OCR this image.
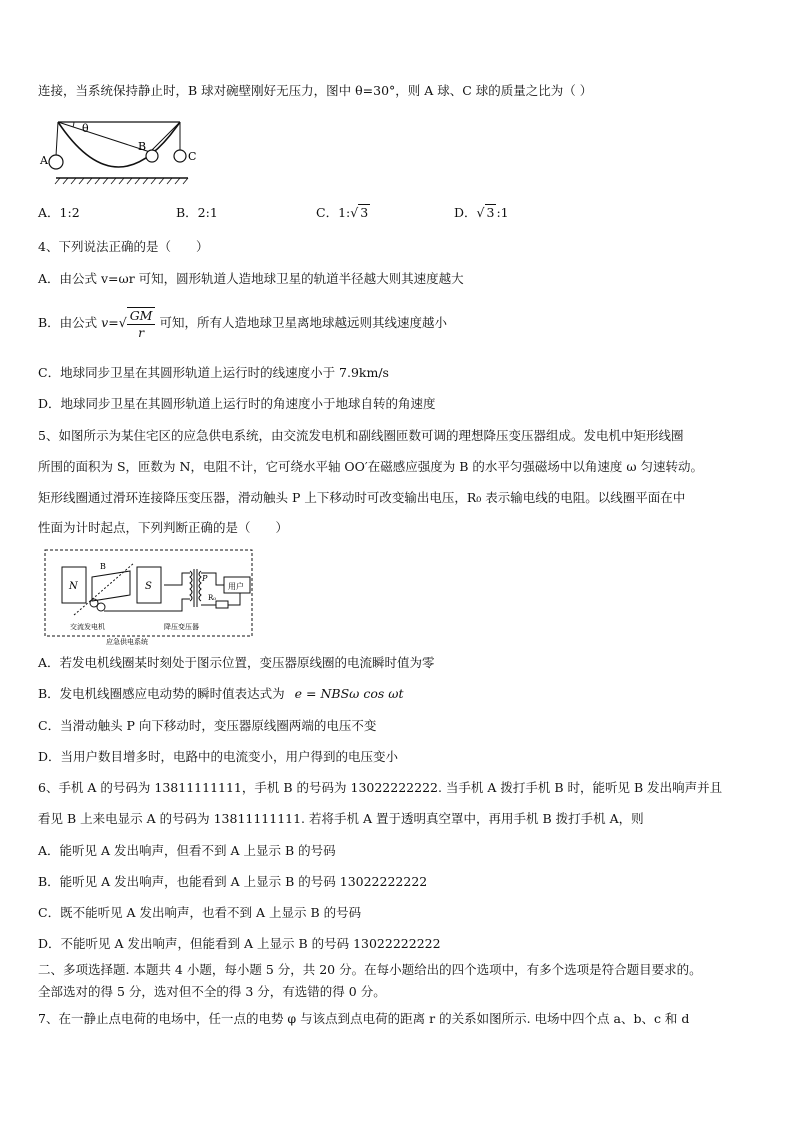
连接，当系统保持静止时，B 球对碗壁刚好无压力，图中 θ=30°，则 A 球、C 球的质量之比为（ ）
θ
A
B
C
A．1:2	B．2:1	C．1:√ 3	D．√ 3 :1
4、下列说法正确的是（　　）
A．由公式 v=ωr 可知，圆形轨道人造地球卫星的轨道半径越大则其速度越大
B．由公式 $v=√ \frac{GM}{r}$ 可知，所有人造地球卫星离地球越远则其线速度越小
C．地球同步卫星在其圆形轨道上运行时的线速度小于 7.9km/s
D．地球同步卫星在其圆形轨道上运行时的角速度小于地球自转的角速度
5、如图所示为某住宅区的应急供电系统，由交流发电机和副线圈匝数可调的理想降压变压器组成。发电机中矩形线圈
所围的面积为 S，匝数为 N，电阻不计，它可绕水平轴 OO′在磁感应强度为 B 的水平匀强磁场中以角速度 ω 匀速转动。
矩形线圈通过滑环连接降压变压器，滑动触头 P 上下移动时可改变输出电压，R₀ 表示输电线的电阻。以线圈平面在中
性面为计时起点，下列判断正确的是（　　）
N	S
B
P
R₀
用户
交流发电机	降压变压器
应急供电系统
A．若发电机线圈某时刻处于图示位置，变压器原线圈的电流瞬时值为零
B．发电机线圈感应电动势的瞬时值表达式为 e = NBSω cos ωt
C．当滑动触头 P 向下移动时，变压器原线圈两端的电压不变
D．当用户数目增多时，电路中的电流变小，用户得到的电压变小
6、手机 A 的号码为 13811111111，手机 B 的号码为 13022222222. 当手机 A 拨打手机 B 时，能听见 B 发出响声并且
看见 B 上来电显示 A 的号码为 13811111111. 若将手机 A 置于透明真空罩中，再用手机 B 拨打手机 A，则
A．能听见 A 发出响声，但看不到 A 上显示 B 的号码
B．能听见 A 发出响声，也能看到 A 上显示 B 的号码 13022222222
C．既不能听见 A 发出响声，也看不到 A 上显示 B 的号码
D．不能听见 A 发出响声，但能看到 A 上显示 B 的号码 13022222222
二、多项选择题. 本题共 4 小题，每小题 5 分，共 20 分。在每小题给出的四个选项中，有多个选项是符合题目要求的。
全部选对的得 5 分，选对但不全的得 3 分，有选错的得 0 分。
7、在一静止点电荷的电场中，任一点的电势 φ 与该点到点电荷的距离 r 的关系如图所示. 电场中四个点 a、b、c 和 d
